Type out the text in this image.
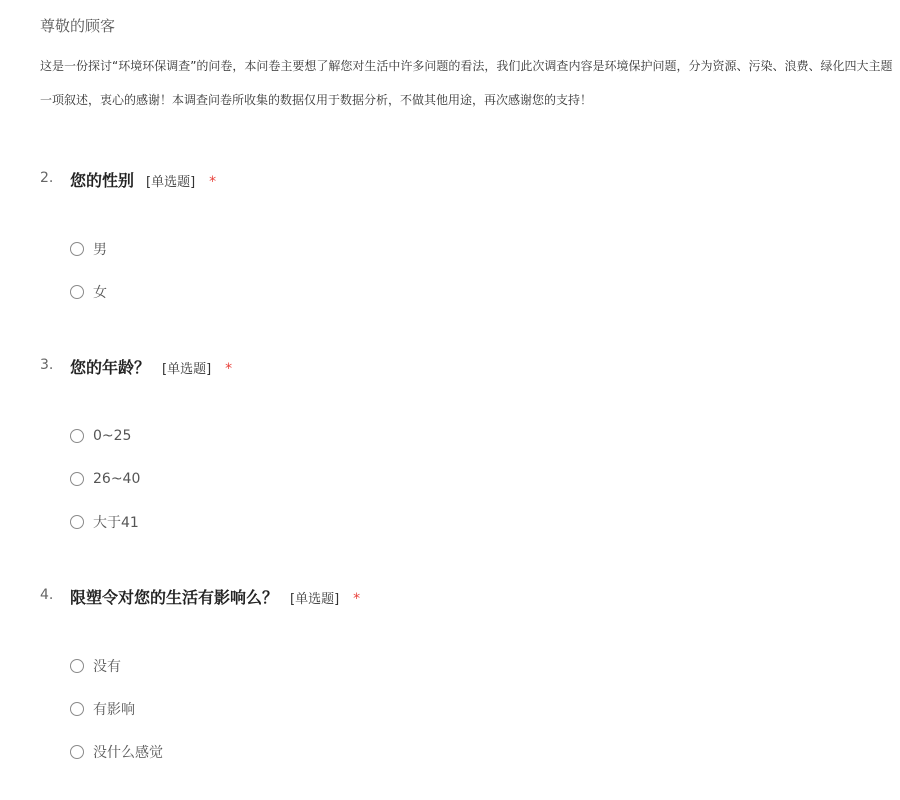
尊敬的顾客

这是一份探讨“环境环保调查”的问卷，本问卷主要想了解您对生活中许多问题的看法，我们此次调查内容是环境保护问题，分为资源、污染、浪费、绿化四大主题

一项叙述，衷心的感谢！本调查问卷所收集的数据仅用于数据分析，不做其他用途，再次感谢您的支持！

2. 您的性别 [单选题] *
男
女
3. 您的年龄？ [单选题] *
0~25
26~40
大于41
4. 限塑令对您的生活有影响么？ [单选题] *
没有
有影响
没什么感觉
